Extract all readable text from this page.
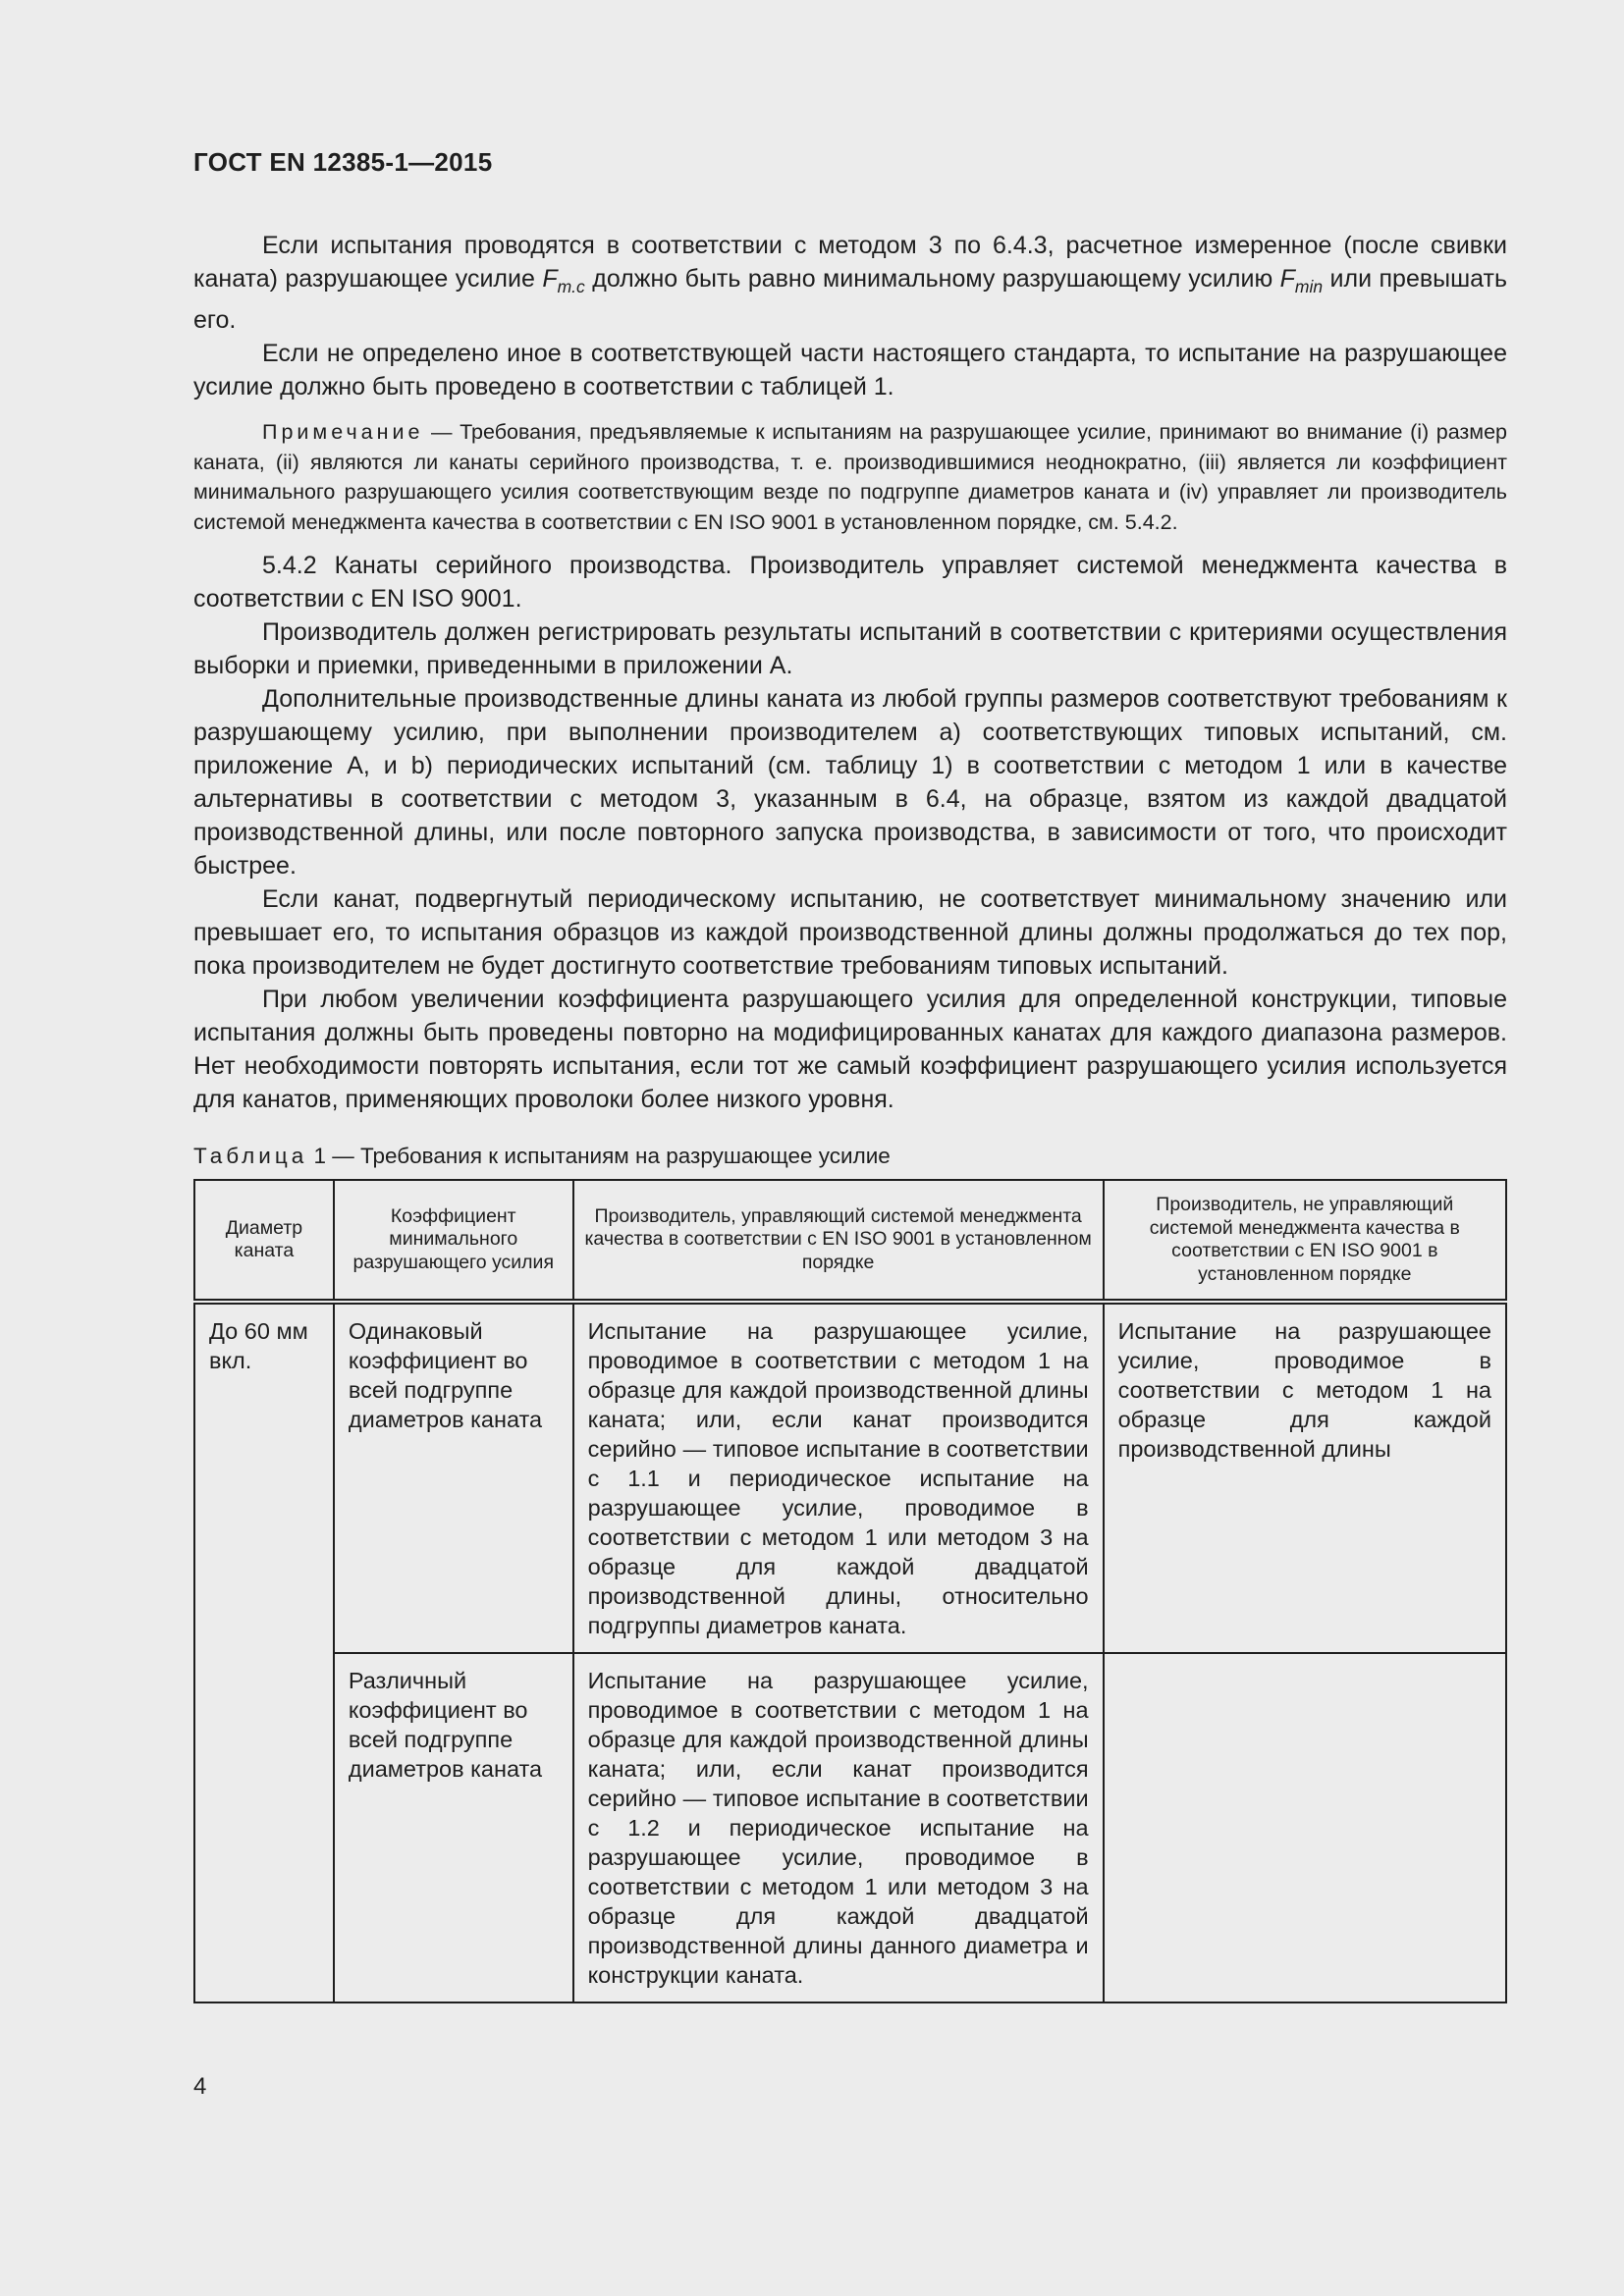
ГОСТ EN 12385-1—2015

Если испытания проводятся в соответствии с методом 3 по 6.4.3, расчетное измеренное (после свивки каната) разрушающее усилие $F_{m.c}$ должно быть равно минимальному разрушающему усилию $F_{min}$ или превышать его.

Если не определено иное в соответствующей части настоящего стандарта, то испытание на разрушающее усилие должно быть проведено в соответствии с таблицей 1.

Примечание — Требования, предъявляемые к испытаниям на разрушающее усилие, принимают во внимание (i) размер каната, (ii) являются ли канаты серийного производства, т. е. производившимися неоднократно, (iii) является ли коэффициент минимального разрушающего усилия соответствующим везде по подгруппе диаметров каната и (iv) управляет ли производитель системой менеджмента качества в соответствии с EN ISO 9001 в установленном порядке, см. 5.4.2.

5.4.2 Канаты серийного производства. Производитель управляет системой менеджмента качества в соответствии с EN ISO 9001.

Производитель должен регистрировать результаты испытаний в соответствии с критериями осуществления выборки и приемки, приведенными в приложении А.

Дополнительные производственные длины каната из любой группы размеров соответствуют требованиям к разрушающему усилию, при выполнении производителем a) соответствующих типовых испытаний, см. приложение А, и b) периодических испытаний (см. таблицу 1) в соответствии с методом 1 или в качестве альтернативы в соответствии с методом 3, указанным в 6.4, на образце, взятом из каждой двадцатой производственной длины, или после повторного запуска производства, в зависимости от того, что происходит быстрее.

Если канат, подвергнутый периодическому испытанию, не соответствует минимальному значению или превышает его, то испытания образцов из каждой производственной длины должны продолжаться до тех пор, пока производителем не будет достигнуто соответствие требованиям типовых испытаний.

При любом увеличении коэффициента разрушающего усилия для определенной конструкции, типовые испытания должны быть проведены повторно на модифицированных канатах для каждого диапазона размеров. Нет необходимости повторять испытания, если тот же самый коэффициент разрушающего усилия используется для канатов, применяющих проволоки более низкого уровня.

Таблица 1 — Требования к испытаниям на разрушающее усилие
Диаметр каната	Коэффициент минимального разрушающего усилия	Производитель, управляющий системой менеджмента качества в соответствии с EN ISO 9001 в установленном порядке	Производитель, не управляющий системой менеджмента качества в соответствии с EN ISO 9001 в установленном порядке
До 60 мм вкл.	Одинаковый коэффициент во всей подгруппе диаметров каната	Испытание на разрушающее усилие, проводимое в соответствии с методом 1 на образце для каждой производственной длины каната; или, если канат производится серийно — типовое испытание в соответствии с 1.1 и периодическое испытание на разрушающее усилие, проводимое в соответствии с методом 1 или методом 3 на образце для каждой двадцатой производственной длины, относительно подгруппы диаметров каната.	Испытание на разрушающее усилие, проводимое в соответствии с методом 1 на образце для каждой производственной длины
	Различный коэффициент во всей подгруппе диаметров каната	Испытание на разрушающее усилие, проводимое в соответствии с методом 1 на образце для каждой производственной длины каната; или, если канат производится серийно — типовое испытание в соответствии с 1.2 и периодическое испытание на разрушающее усилие, проводимое в соответствии с методом 1 или методом 3 на образце для каждой двадцатой производственной длины данного диаметра и конструкции каната.	
4
